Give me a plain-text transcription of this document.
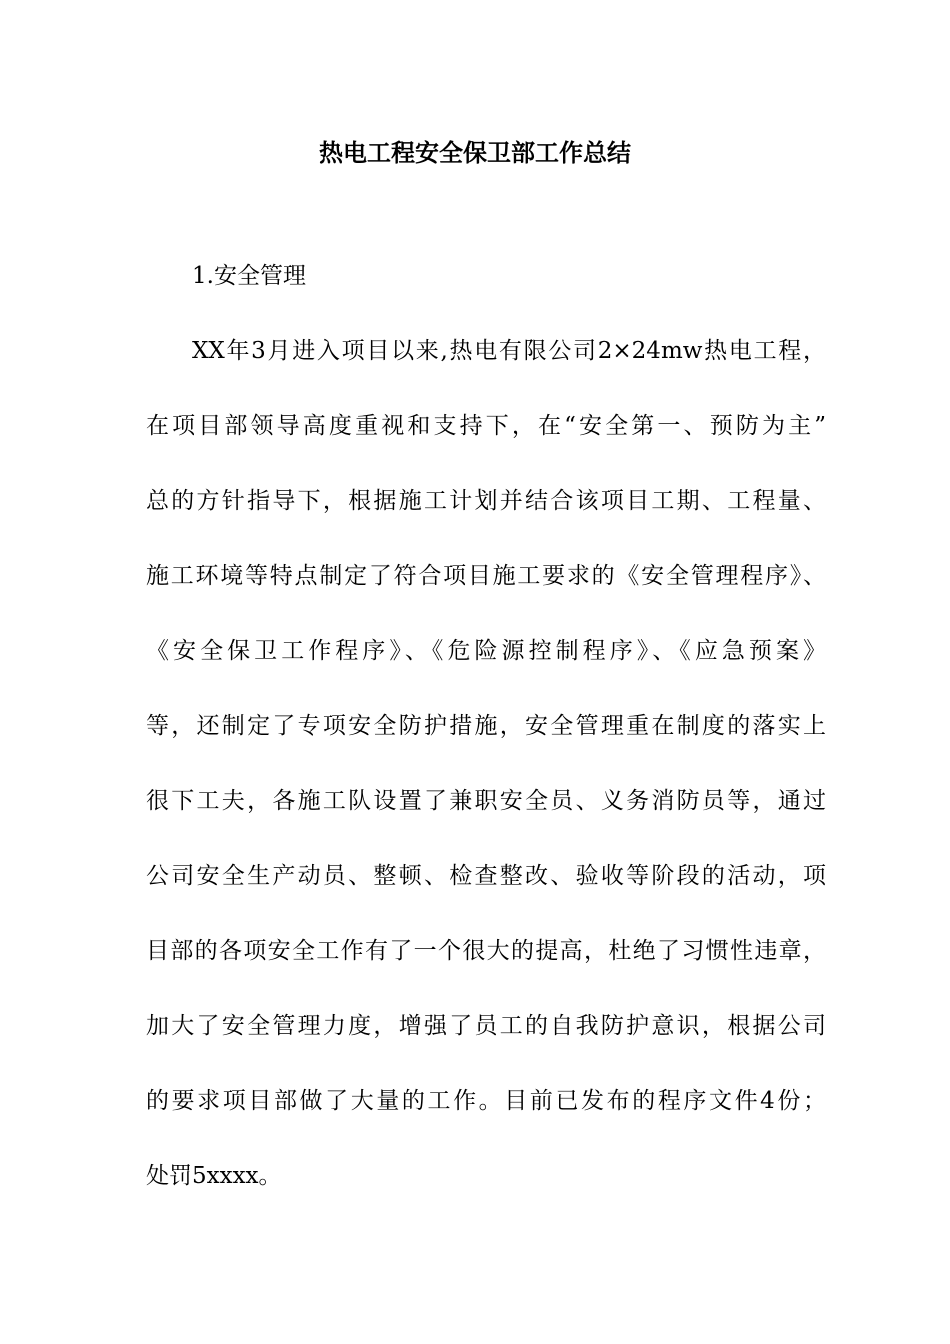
热电工程安全保卫部工作总结
1.安全管理
XX年3月进入项目以来,热电有限公司2×24mw热电工程，
在项目部领导高度重视和支持下，在“安全第一、预防为主”
总的方针指导下，根据施工计划并结合该项目工期、工程量、
施工环境等特点制定了符合项目施工要求的《安全管理程序》、
《安全保卫工作程序》、《危险源控制程序》、《应急预案》
等，还制定了专项安全防护措施，安全管理重在制度的落实上
很下工夫，各施工队设置了兼职安全员、义务消防员等，通过
公司安全生产动员、整顿、检查整改、验收等阶段的活动，项
目部的各项安全工作有了一个很大的提高，杜绝了习惯性违章，
加大了安全管理力度，增强了员工的自我防护意识，根据公司
的要求项目部做了大量的工作。目前已发布的程序文件4份；
处罚5xxxx。
